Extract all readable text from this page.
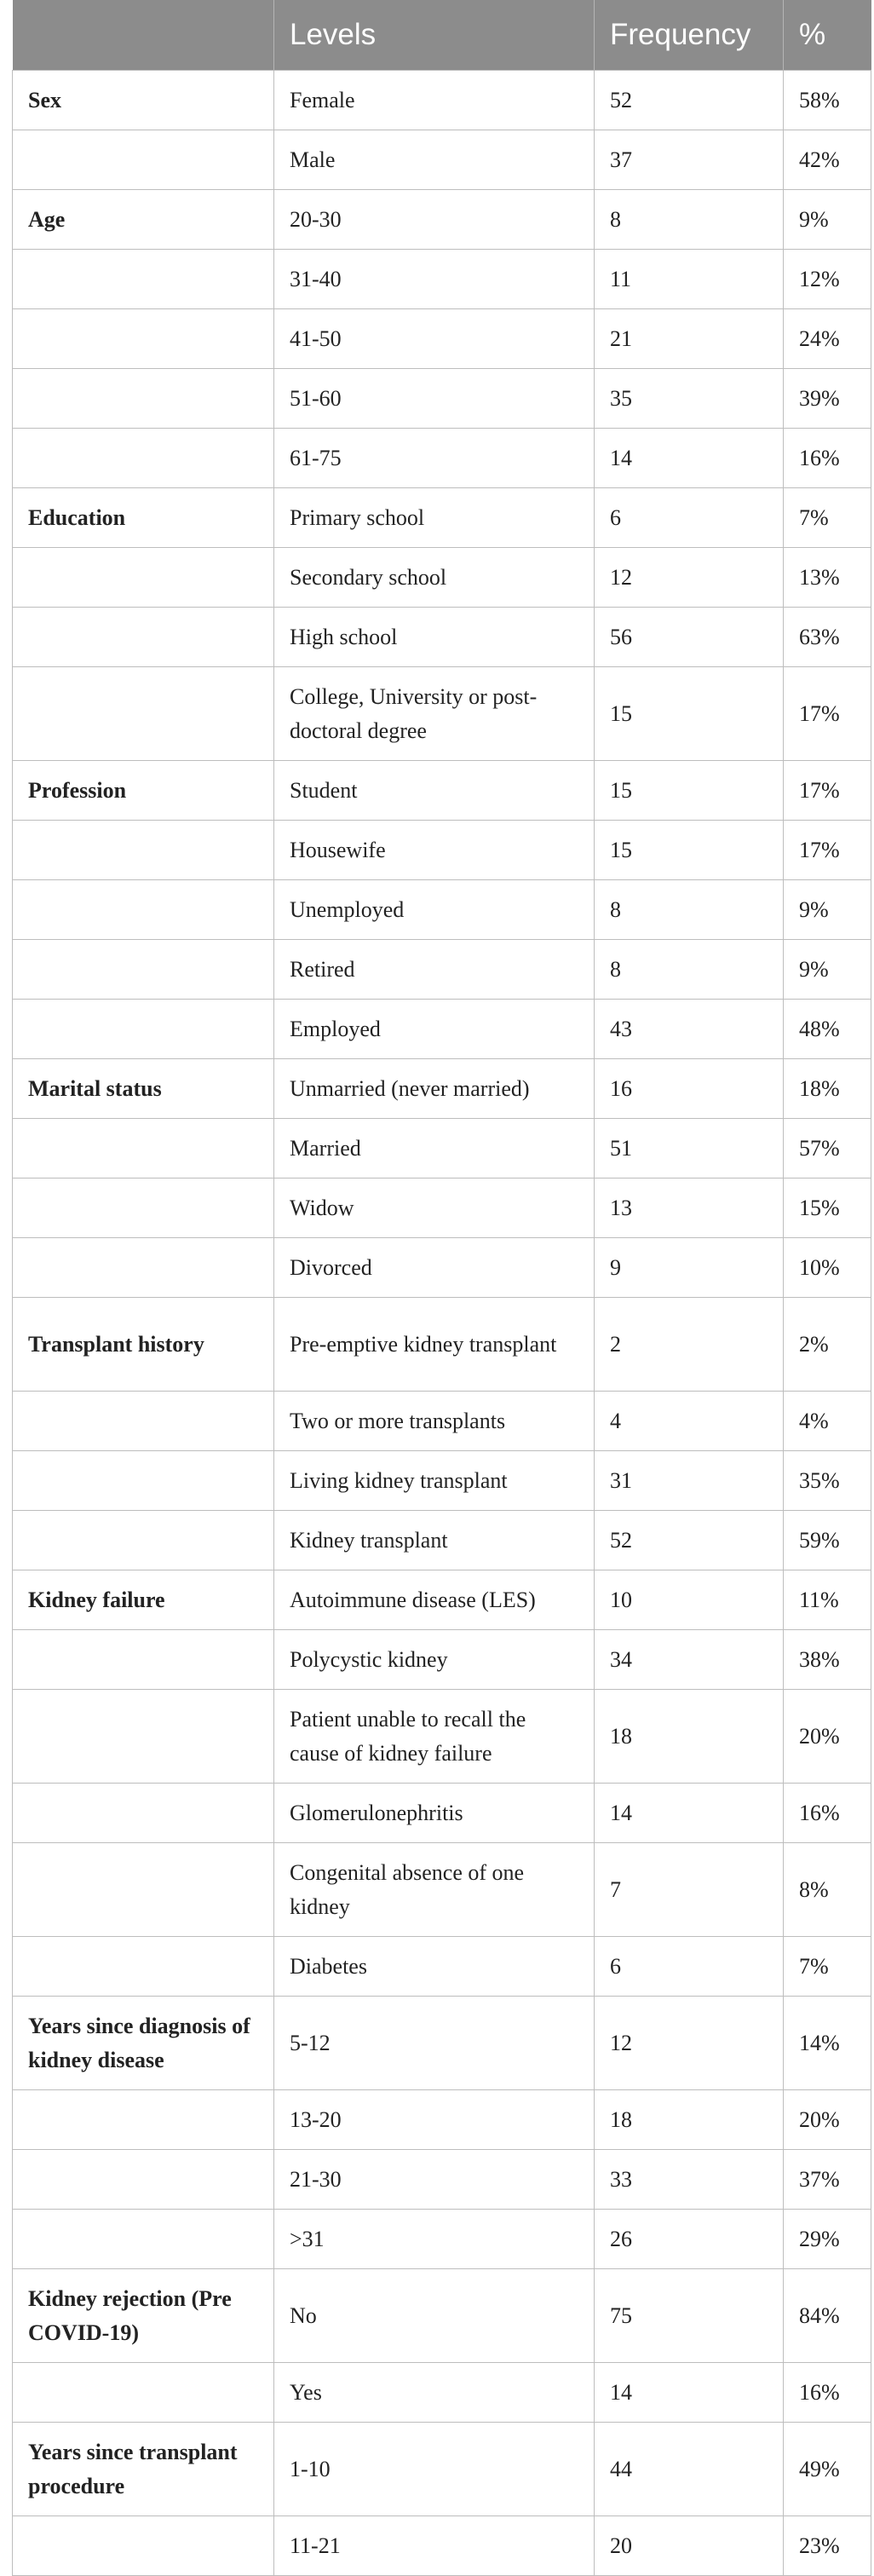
	Levels	Frequency	%
Sex	Female	52	58%
	Male	37	42%
Age	20-30	8	9%
	31-40	11	12%
	41-50	21	24%
	51-60	35	39%
	61-75	14	16%
Education	Primary school	6	7%
	Secondary school	12	13%
	High school	56	63%
	College, University or post-doctoral degree	15	17%
Profession	Student	15	17%
	Housewife	15	17%
	Unemployed	8	9%
	Retired	8	9%
	Employed	43	48%
Marital status	Unmarried (never married)	16	18%
	Married	51	57%
	Widow	13	15%
	Divorced	9	10%
Transplant history	Pre-emptive kidney transplant	2	2%
	Two or more transplants	4	4%
	Living kidney transplant	31	35%
	Kidney transplant	52	59%
Kidney failure	Autoimmune disease (LES)	10	11%
	Polycystic kidney	34	38%
	Patient unable to recall the cause of kidney failure	18	20%
	Glomerulonephritis	14	16%
	Congenital absence of one kidney	7	8%
	Diabetes	6	7%
Years since diagnosis of kidney disease	5-12	12	14%
	13-20	18	20%
	21-30	33	37%
	>31	26	29%
Kidney rejection (Pre COVID-19)	No	75	84%
	Yes	14	16%
Years since transplant procedure	1-10	44	49%
	11-21	20	23%
